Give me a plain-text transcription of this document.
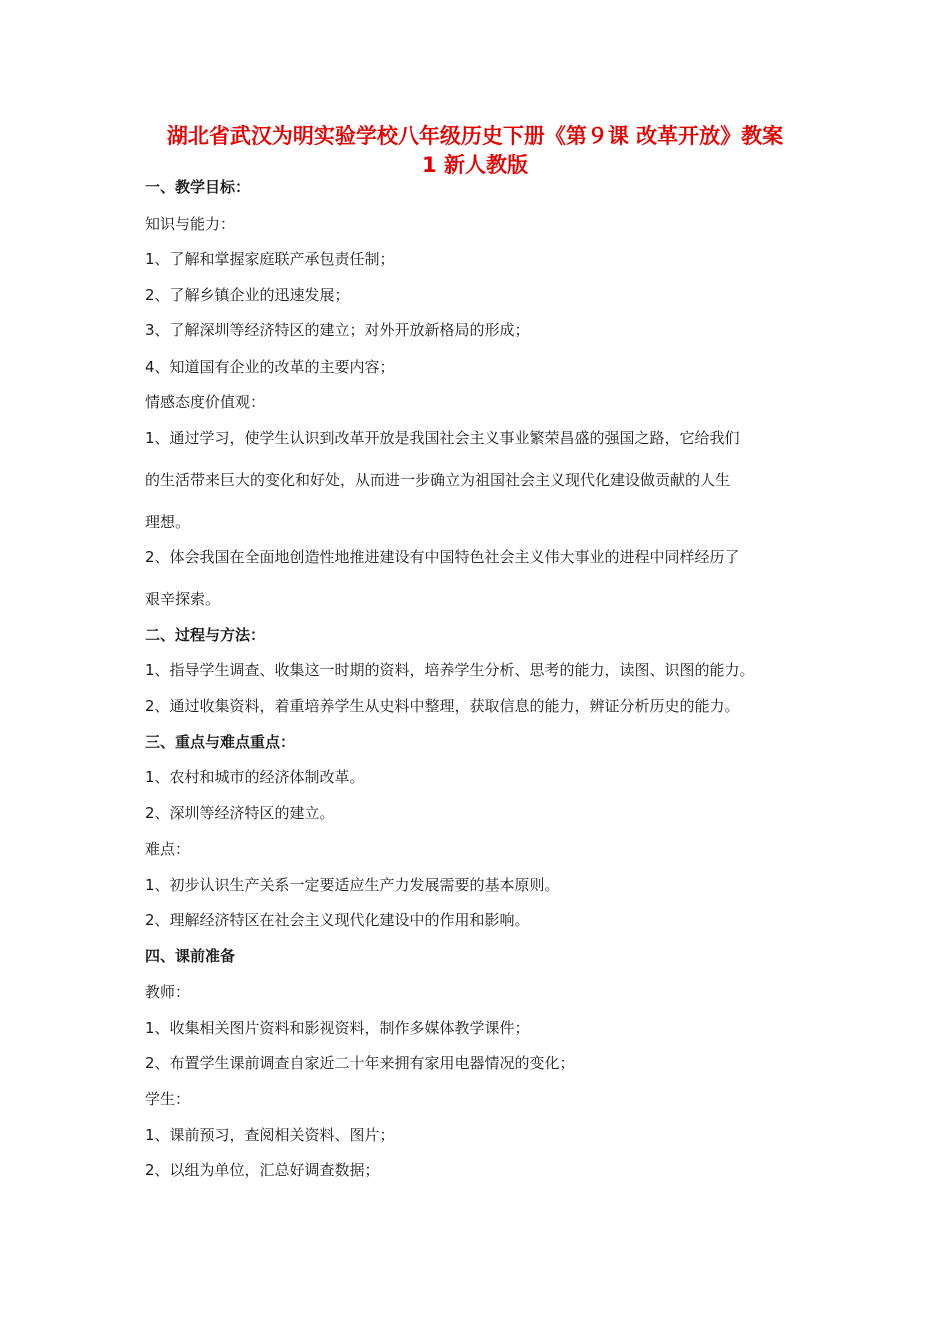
湖北省武汉为明实验学校八年级历史下册《第９课 改革开放》教案
1 新人教版
一、教学目标：
知识与能力：
1、了解和掌握家庭联产承包责任制；
2、了解乡镇企业的迅速发展；
3、了解深圳等经济特区的建立；对外开放新格局的形成；
4、知道国有企业的改革的主要内容；
情感态度价值观：
1、通过学习，使学生认识到改革开放是我国社会主义事业繁荣昌盛的强国之路，它给我们
的生活带来巨大的变化和好处，从而进一步确立为祖国社会主义现代化建设做贡献的人生
理想。
2、体会我国在全面地创造性地推进建设有中国特色社会主义伟大事业的进程中同样经历了
艰辛探索。
二、过程与方法：
1、指导学生调查、收集这一时期的资料，培养学生分析、思考的能力，读图、识图的能力。
2、通过收集资料，着重培养学生从史料中整理，获取信息的能力，辨证分析历史的能力。
三、重点与难点重点：
1、农村和城市的经济体制改革。
2、深圳等经济特区的建立。
难点：
1、初步认识生产关系一定要适应生产力发展需要的基本原则。
2、理解经济特区在社会主义现代化建设中的作用和影响。
四、课前准备
教师：
1、收集相关图片资料和影视资料，制作多媒体教学课件；
2、布置学生课前调查自家近二十年来拥有家用电器情况的变化；
学生：
1、课前预习，查阅相关资料、图片；
2、以组为单位，汇总好调查数据；
